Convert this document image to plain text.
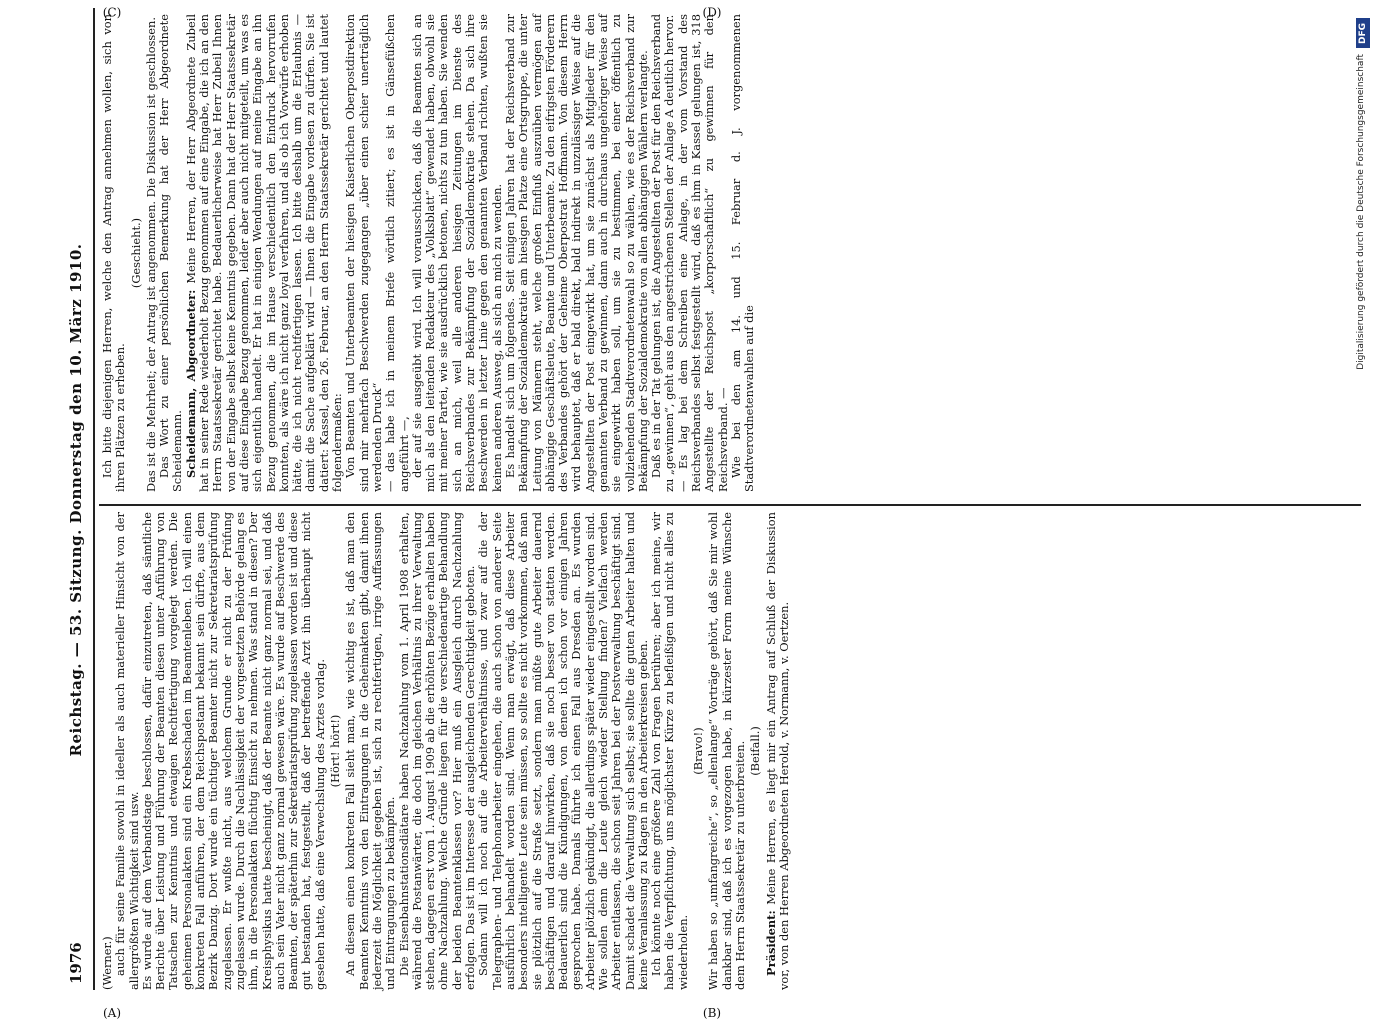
1976
Reichstag. — 53. Sitzung. Donnerstag den 10. März 1910.

(Werner.) auch für seine Familie sowohl in ideeller als auch materieller Hinsicht von der allergrößten Wichtigkeit sind usw. Es wurde auf dem Verbandstage beschlossen, dafür einzutreten, daß sämtliche Berichte über Leistung und Führung der Beamten diesen unter Anführung von Tatsachen zur Kenntnis und etwaigen Rechtfertigung vorgelegt werden. Die geheimen Personalakten sind ein Krebsschaden im Beamtenleben. Ich will einen konkreten Fall anführen, der dem Reichspostamt bekannt sein dürfte, aus dem Bezirk Danzig. Dort wurde ein tüchtiger Beamter nicht zur Sekretariatsprüfung zugelassen. Er wußte nicht, aus welchem Grunde er nicht zu der Prüfung zugelassen wurde. Durch die Nachlässigkeit der vorgesetzten Behörde gelang es ihm, in die Personalakten flüchtig Einsicht zu nehmen. Was stand in diesen? Der Kreisphysikus hatte bescheinigt, daß der Beamte nicht ganz normal sei, und daß auch sein Vater nicht ganz normal gewesen wäre. Es wurde auf Beschwerde des Beamten, der späterhin zur Sekretariatsprüfung zugelassen worden ist und diese gut bestanden hat, festgestellt, daß der betreffende Arzt ihn überhaupt nicht gesehen hatte, daß eine Verwechslung des Arztes vorlag. (Hört! hört!) An diesem einen konkreten Fall sieht man, wie wichtig es ist, daß man den Beamten Kenntnis von den Eintragungen in die Geheimakten gibt, damit ihnen jederzeit die Möglichkeit gegeben ist, sich zu rechtfertigen, irrige Auffassungen und Eintragungen zu bekämpfen. Die Eisenbahnstationsdiätare haben Nachzahlung vom 1. April 1908 erhalten, während die Postanwärter, die doch im gleichen Verhältnis zu ihrer Verwaltung stehen, dagegen erst vom 1. August 1909 ab die erhöhten Bezüge erhalten haben ohne Nachzahlung. Welche Gründe liegen für die verschiedenartige Behandlung der beiden Beamtenklassen vor? Hier muß ein Ausgleich durch Nachzahlung erfolgen. Das ist im Interesse der ausgleichenden Gerechtigkeit geboten. Sodann will ich noch auf die Arbeiterverhältnisse, und zwar auf die der Telegraphen- und Telephonarbeiter eingehen, die auch schon von anderer Seite ausführlich behandelt worden sind. Wenn man erwägt, daß diese Arbeiter besonders intelligente Leute sein müssen, so sollte es nicht vorkommen, daß man sie plötzlich auf die Straße setzt, sondern man müßte gute Arbeiter dauernd beschäftigen und darauf hinwirken, daß sie noch besser von statten werden. Bedauerlich sind die Kündigungen, von denen ich schon vor einigen Jahren gesprochen habe. Damals führte ich einen Fall aus Dresden an. Es wurden Arbeiter plötzlich gekündigt, die allerdings später wieder eingestellt worden sind. Wie sollen denn die Leute gleich wieder Stellung finden? Vielfach werden Arbeiter entlassen, die schon seit Jahren bei der Postverwaltung beschäftigt sind. Damit schadet die Verwaltung sich selbst; sie sollte die guten Arbeiter halten und keine Veranlassung zu Klagen in den Arbeiterkreisen geben. Ich könnte noch eine größere Zahl von Fragen berühren; aber ich meine, wir haben die Verpflichtung, uns möglichster Kürze zu befleißigen und nicht alles zu wiederholen.

(Bravo!) Wir haben so „umfangreiche“, so „ellenlange“ Vorträge gehört, daß Sie mir wohl dankbar sind, daß ich es vorgezogen habe, in kürzester Form meine Wünsche dem Herrn Staatssekretär zu unterbreiten. (Beifall.)

Präsident: Meine Herren, es liegt mir ein Antrag auf Schluß der Diskussion vor, von den Herren Abgeordneten Herold, v. Normann, v. Oertzen.

Ich bitte diejenigen Herren, welche den Antrag annehmen wollen, sich von ihren Plätzen zu erheben.

(Geschieht.) Das ist die Mehrheit; der Antrag ist angenommen. Die Diskussion ist geschlossen. Das Wort zu einer persönlichen Bemerkung hat der Herr Abgeordnete Scheidemann. Scheidemann, Abgeordneter: Meine Herren, der Herr Abgeordnete Zubeil hat in seiner Rede wiederholt Bezug genommen auf eine Eingabe, die ich an den Herrn Staatssekretär gerichtet habe. Bedauerlicherweise hat Herr Zubeil Ihnen von der Eingabe selbst keine Kenntnis gegeben. Dann hat der Herr Staatssekretär auf diese Eingabe Bezug genommen, leider aber auch nicht mitgeteilt, um was es sich eigentlich handelt. Er hat in einigen Wendungen auf meine Eingabe an ihn Bezug genommen, die im Hause verschiedentlich den Eindruck hervorrufen konnten, als wäre ich nicht ganz loyal verfahren, und als ob ich Vorwürfe erhoben hätte, die ich nicht rechtfertigen lassen. Ich bitte deshalb um die Erlaubnis — damit die Sache aufgeklärt wird — Ihnen die Eingabe vorlesen zu dürfen. Sie ist datiert: Kassel, den 26. Februar, an den Herrn Staatssekretär gerichtet und lautet folgendermaßen: Von Beamten und Unterbeamten der hiesigen Kaiserlichen Oberpostdirektion sind mir mehrfach Beschwerden zugegangen „über einen schier unerträglich werdenden Druck“ — das habe ich in meinem Briefe wörtlich zitiert; es ist in Gänsefüßchen angeführt —, der auf sie ausgeübt wird. Ich will vorausschicken, daß die Beamten sich an mich als den leitenden Redakteur des „Volksblatt“ gewendet haben, obwohl sie mit meiner Partei, wie sie ausdrücklich betonen, nichts zu tun haben. Sie wenden sich an mich, weil alle anderen hiesigen Zeitungen im Dienste des Reichsverbandes zur Bekämpfung der Sozialdemokratie stehen. Da sich ihre Beschwerden in letzter Linie gegen den genannten Verband richten, wußten sie keinen anderen Ausweg, als sich an mich zu wenden. Es handelt sich um folgendes. Seit einigen Jahren hat der Reichsverband zur Bekämpfung der Sozialdemokratie am hiesigen Platze eine Ortsgruppe, die unter Leitung von Männern steht, welche großen Einfluß auszuüben vermögen auf abhängige Geschäftsleute, Beamte und Unterbeamte. Zu den eifrigsten Förderern des Verbandes gehört der Geheime Oberpostrat Hoffmann. Von diesem Herrn wird behauptet, daß er bald direkt, bald indirekt in unzulässiger Weise auf die Angestellten der Post eingewirkt hat, um sie zunächst als Mitglieder für den genannten Verband zu gewinnen, dann auch in durchaus ungehöriger Weise auf sie eingewirkt haben soll, um sie zu bestimmen, bei einer öffentlich zu vollziehenden Stadtverordnetenwahl so zu wählen, wie es der Reichsverband zur Bekämpfung der Sozialdemokratie von allen abhängigen Wählern verlangte. Daß es in der Tat gelungen ist, die Angestellten der Post für den Reichsverband zu „gewinnen“, geht aus den angestrichenen Stellen der Anlage A deutlich hervor. — Es lag bei dem Schreiben eine Anlage, in der vom Vorstand des Reichsverbandes selbst festgestellt wird, daß es ihm in Kassel gelungen ist, 318 Angestellte der Reichspost „korporschaftlich“ zu gewinnen für den Reichsverband. — Wie bei den am 14. und 15. Februar d. J. vorgenommenen Stadtverordnetenwahlen auf die

(A)	(B)
(C)	(D)
DFG
Digitalisierung gefördert durch die Deutsche Forschungsgemeinschaft
